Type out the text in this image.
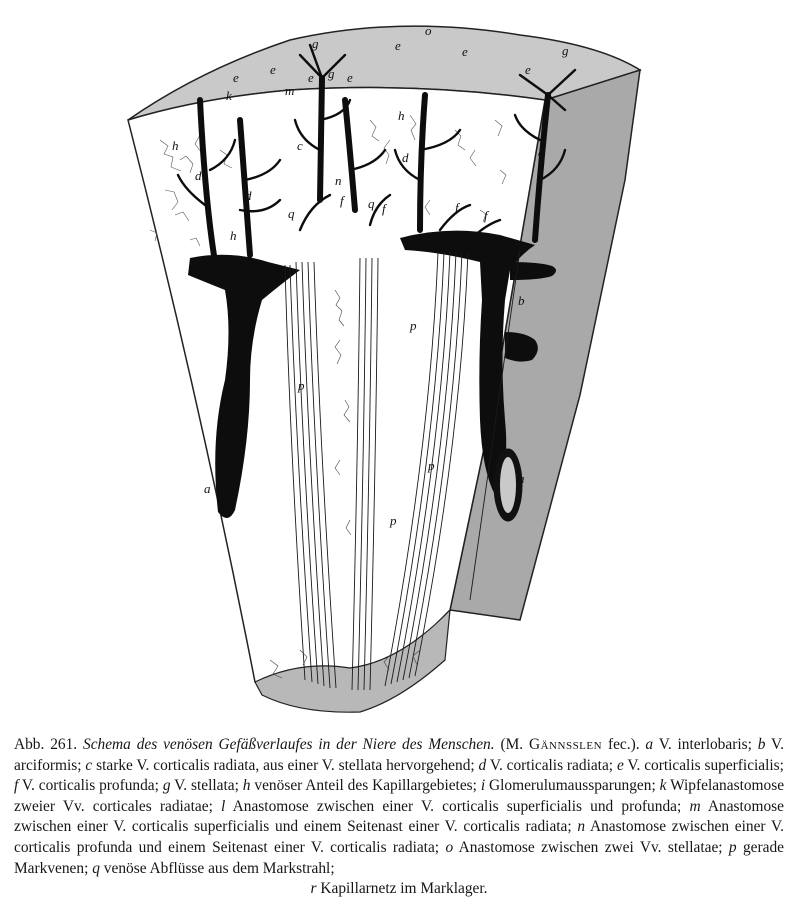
a
a
b
b
b
c	c
d
d
d
e
e
e	e
e	e
e
f
f	f
f
g	g
g
h
h
h
k	m
n
o
p
p
p
p
q
q
Abb. 261. Schema des venösen Gefäßverlaufes in der Niere des Menschen. (M. Gännsslen fec.). a V. interlobaris; b V. arciformis; c starke V. corticalis radiata, aus einer V. stellata hervorgehend; d V. corticalis radiata; e V. corticalis superficialis; f V. corticalis profunda; g V. stellata; h venöser Anteil des Kapillargebietes; i Glomerulumaussparungen; k Wipfelanastomose zweier Vv. corticales radiatae; l Anastomose zwischen einer V. corticalis superficialis und profunda; m Anastomose zwischen einer V. corticalis superficialis und einem Seitenast einer V. corticalis radiata; n Anastomose zwischen einer V. corticalis profunda und einem Seitenast einer V. corticalis radiata; o Anastomose zwischen zwei Vv. stellatae; p gerade Markvenen; q venöse Abflüsse aus dem Markstrahl;
r Kapillarnetz im Marklager.
